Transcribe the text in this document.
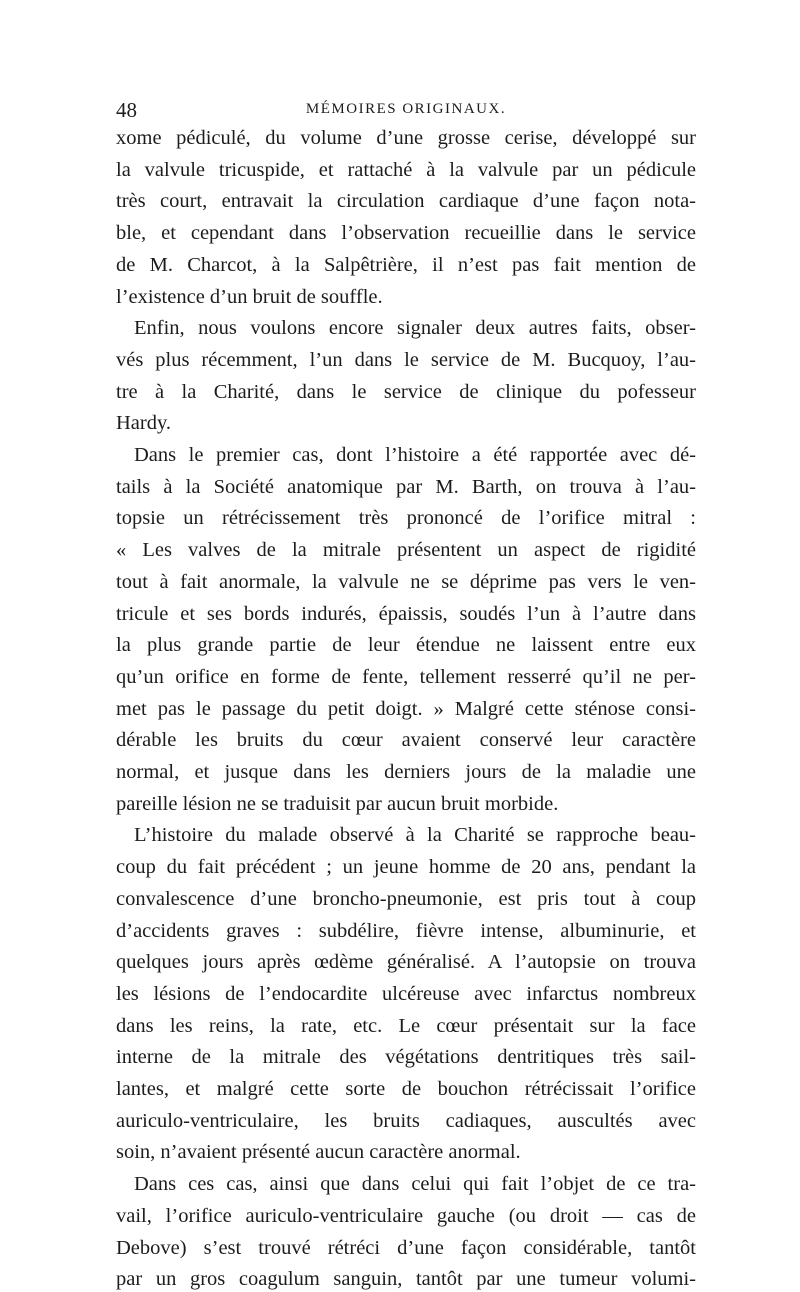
48	MÉMOIRES ORIGINAUX.
xome pédiculé, du volume d’une grosse cerise, développé sur
la valvule tricuspide, et rattaché à la valvule par un pédicule
très court, entravait la circulation cardiaque d’une façon nota-
ble, et cependant dans l’observation recueillie dans le service
de M. Charcot, à la Salpêtrière, il n’est pas fait mention de
l’existence d’un bruit de souffle.
Enfin, nous voulons encore signaler deux autres faits, obser-
vés plus récemment, l’un dans le service de M. Bucquoy, l’au-
tre à la Charité, dans le service de clinique du pofesseur
Hardy.
Dans le premier cas, dont l’histoire a été rapportée avec dé-
tails à la Société anatomique par M. Barth, on trouva à l’au-
topsie un rétrécissement très prononcé de l’orifice mitral :
« Les valves de la mitrale présentent un aspect de rigidité
tout à fait anormale, la valvule ne se déprime pas vers le ven-
tricule et ses bords indurés, épaissis, soudés l’un à l’autre dans
la plus grande partie de leur étendue ne laissent entre eux
qu’un orifice en forme de fente, tellement resserré qu’il ne per-
met pas le passage du petit doigt. » Malgré cette sténose consi-
dérable les bruits du cœur avaient conservé leur caractère
normal, et jusque dans les derniers jours de la maladie une
pareille lésion ne se traduisit par aucun bruit morbide.
L’histoire du malade observé à la Charité se rapproche beau-
coup du fait précédent ; un jeune homme de 20 ans, pendant la
convalescence d’une broncho-pneumonie, est pris tout à coup
d’accidents graves : subdélire, fièvre intense, albuminurie, et
quelques jours après œdème généralisé. A l’autopsie on trouva
les lésions de l’endocardite ulcéreuse avec infarctus nombreux
dans les reins, la rate, etc. Le cœur présentait sur la face
interne de la mitrale des végétations dentritiques très sail-
lantes, et malgré cette sorte de bouchon rétrécissait l’orifice
auriculo-ventriculaire, les bruits cadiaques, auscultés avec
soin, n’avaient présenté aucun caractère anormal.
Dans ces cas, ainsi que dans celui qui fait l’objet de ce tra-
vail, l’orifice auriculo-ventriculaire gauche (ou droit — cas de
Debove) s’est trouvé rétréci d’une façon considérable, tantôt
par un gros coagulum sanguin, tantôt par une tumeur volumi-
